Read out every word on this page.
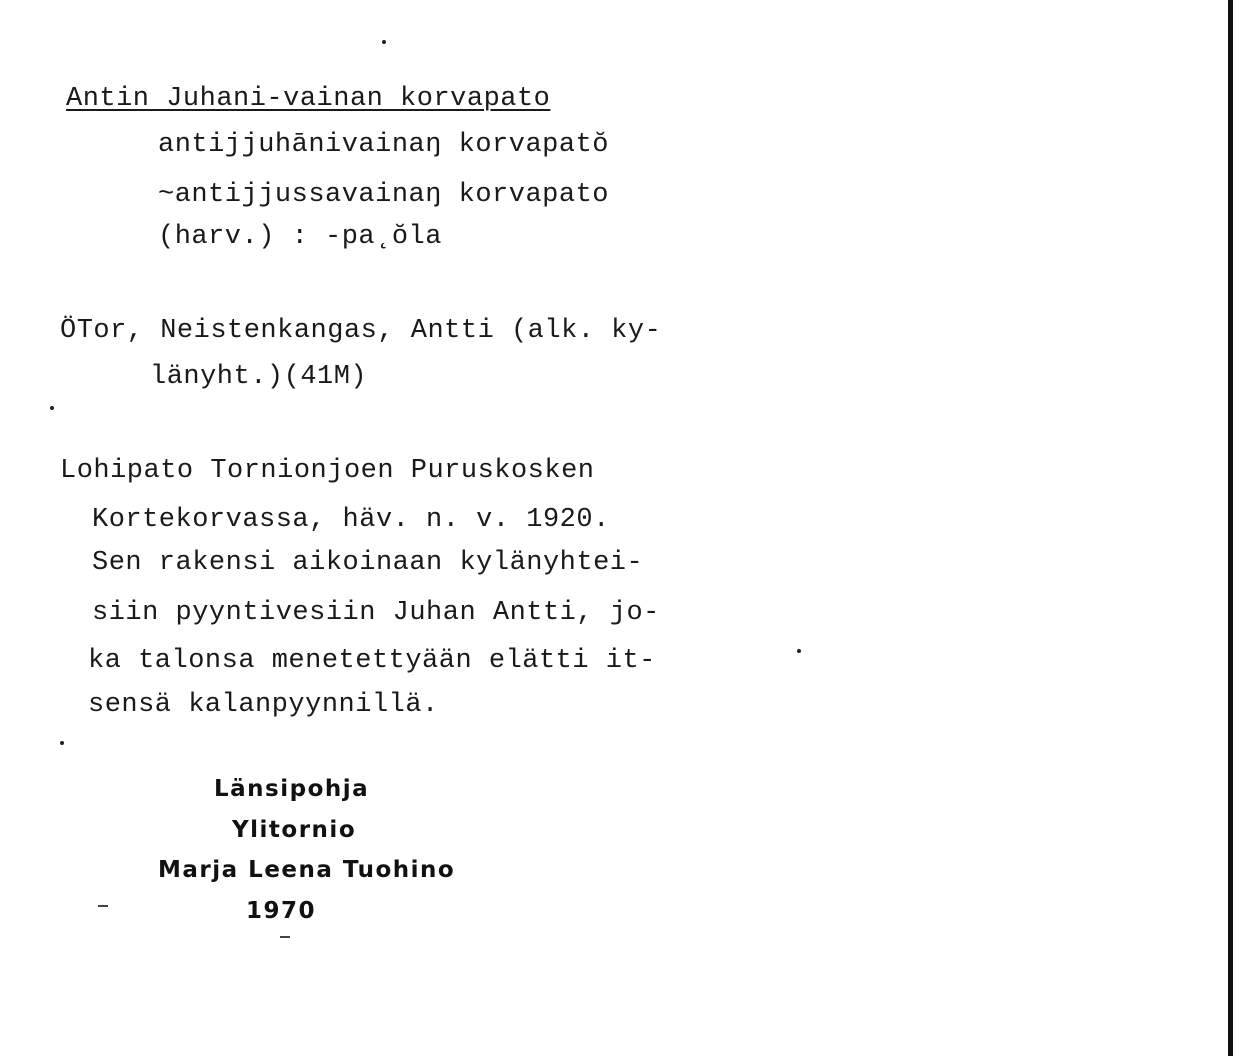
Antin Juhani-vainan korvapato
antijjuhānivainaŋ korvapatŏ
~antijjussavainaŋ korvapato
(harv.) : -pa˛ŏla
ÖTor, Neistenkangas, Antti (alk. ky-
länyht.)(41M)
Lohipato Tornionjoen Puruskosken
Kortekorvassa, häv. n. v. 1920.
Sen rakensi aikoinaan kylänyhtei-
siin pyyntivesiin Juhan Antti, jo-
ka talonsa menetettyään elätti it-
sensä kalanpyynnillä.
Länsipohja
Ylitornio
Marja Leena Tuohino
1970
